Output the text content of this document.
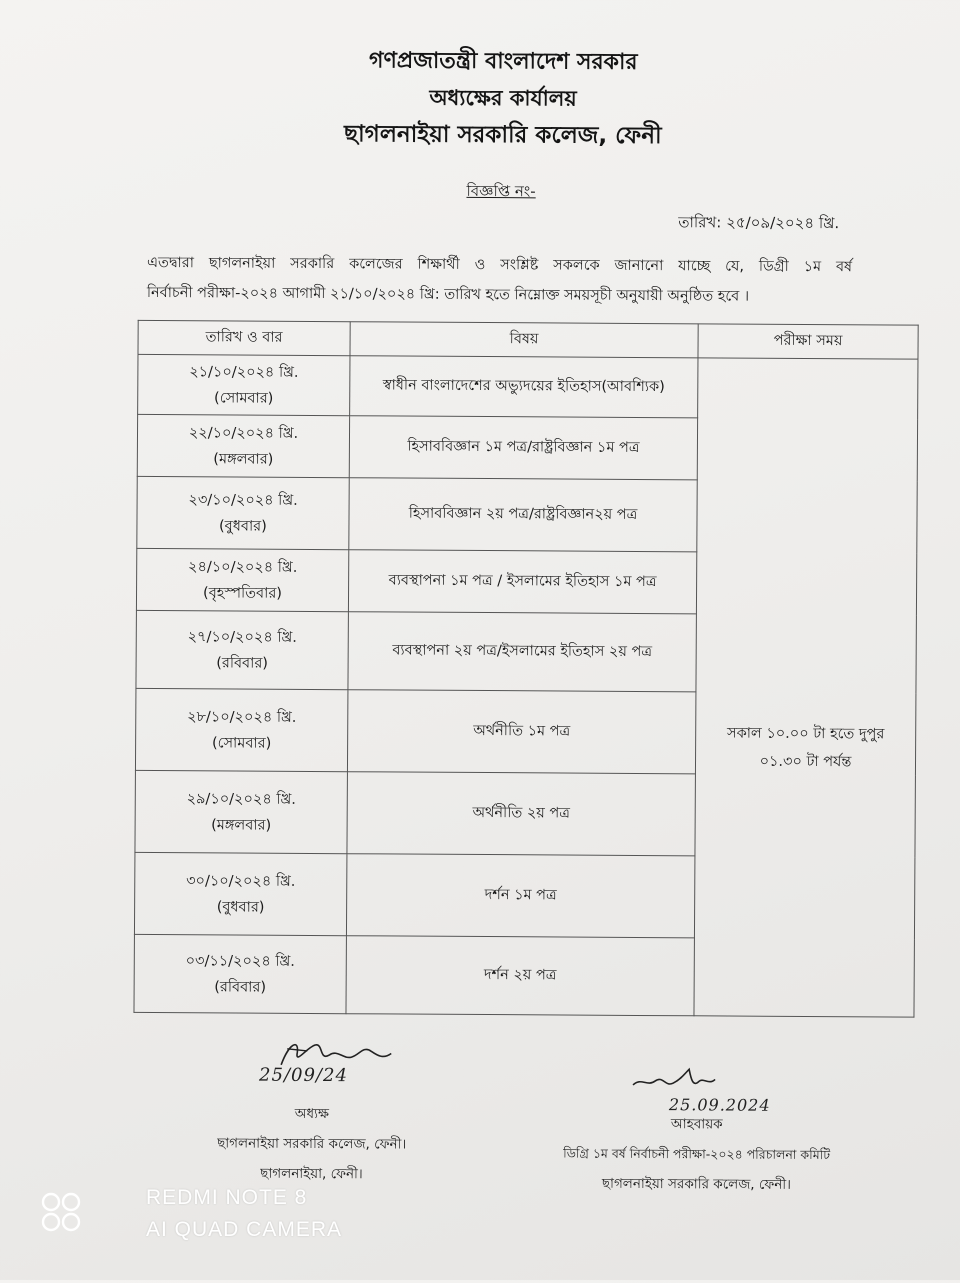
গণপ্রজাতন্ত্রী বাংলাদেশ সরকার
অধ্যক্ষের কার্যালয়
ছাগলনাইয়া সরকারি কলেজ, ফেনী
বিজ্ঞপ্তি নং-
তারিখ: ২৫/০৯/২০২৪ খ্রি.
এতদ্বারা ছাগলনাইয়া সরকারি কলেজের শিক্ষার্থী ও সংশ্লিষ্ট সকলকে জানানো যাচ্ছে যে, ডিগ্রী ১ম বর্ষ
নির্বাচনী পরীক্ষা-২০২৪ আগামী ২১/১০/২০২৪ খ্রি: তারিখ হতে নিম্নোক্ত সময়সূচী অনুযায়ী অনুষ্ঠিত হবে ।
তারিখ ও বার	বিষয়	পরীক্ষা সময়

২১/১০/২০২৪ খ্রি.
(সোমবার)	স্বাধীন বাংলাদেশের অভ্যুদয়ের ইতিহাস(আবশ্যিক)	সকাল ১০.০০ টা হতে দুপুর
০১.৩০ টা পর্যন্ত

২২/১০/২০২৪ খ্রি.
(মঙ্গলবার)	হিসাববিজ্ঞান ১ম পত্র/রাষ্ট্রবিজ্ঞান ১ম পত্র	

২৩/১০/২০২৪ খ্রি.
(বুধবার)	হিসাববিজ্ঞান ২য় পত্র/রাষ্ট্রবিজ্ঞান২য় পত্র	

২৪/১০/২০২৪ খ্রি.
(বৃহস্পতিবার)	ব্যবস্থাপনা ১ম পত্র / ইসলামের ইতিহাস ১ম পত্র	

২৭/১০/২০২৪ খ্রি.
(রবিবার)	ব্যবস্থাপনা ২য় পত্র/ইসলামের ইতিহাস ২য় পত্র	

২৮/১০/২০২৪ খ্রি.
(সোমবার)	অর্থনীতি ১ম পত্র	

২৯/১০/২০২৪ খ্রি.
(মঙ্গলবার)	অর্থনীতি ২য় পত্র	

৩০/১০/২০২৪ খ্রি.
(বুধবার)	দর্শন ১ম পত্র	

০৩/১১/২০২৪ খ্রি.
(রবিবার)	দর্শন ২য় পত্র	
25/09/24
অধ্যক্ষ
ছাগলনাইয়া সরকারি কলেজ, ফেনী।
ছাগলনাইয়া, ফেনী।
25.09.2024
আহবায়ক
ডিগ্রি ১ম বর্ষ নির্বাচনী পরীক্ষা-২০২৪ পরিচালনা কমিটি
ছাগলনাইয়া সরকারি কলেজ, ফেনী।
REDMI NOTE 8
AI QUAD CAMERA
